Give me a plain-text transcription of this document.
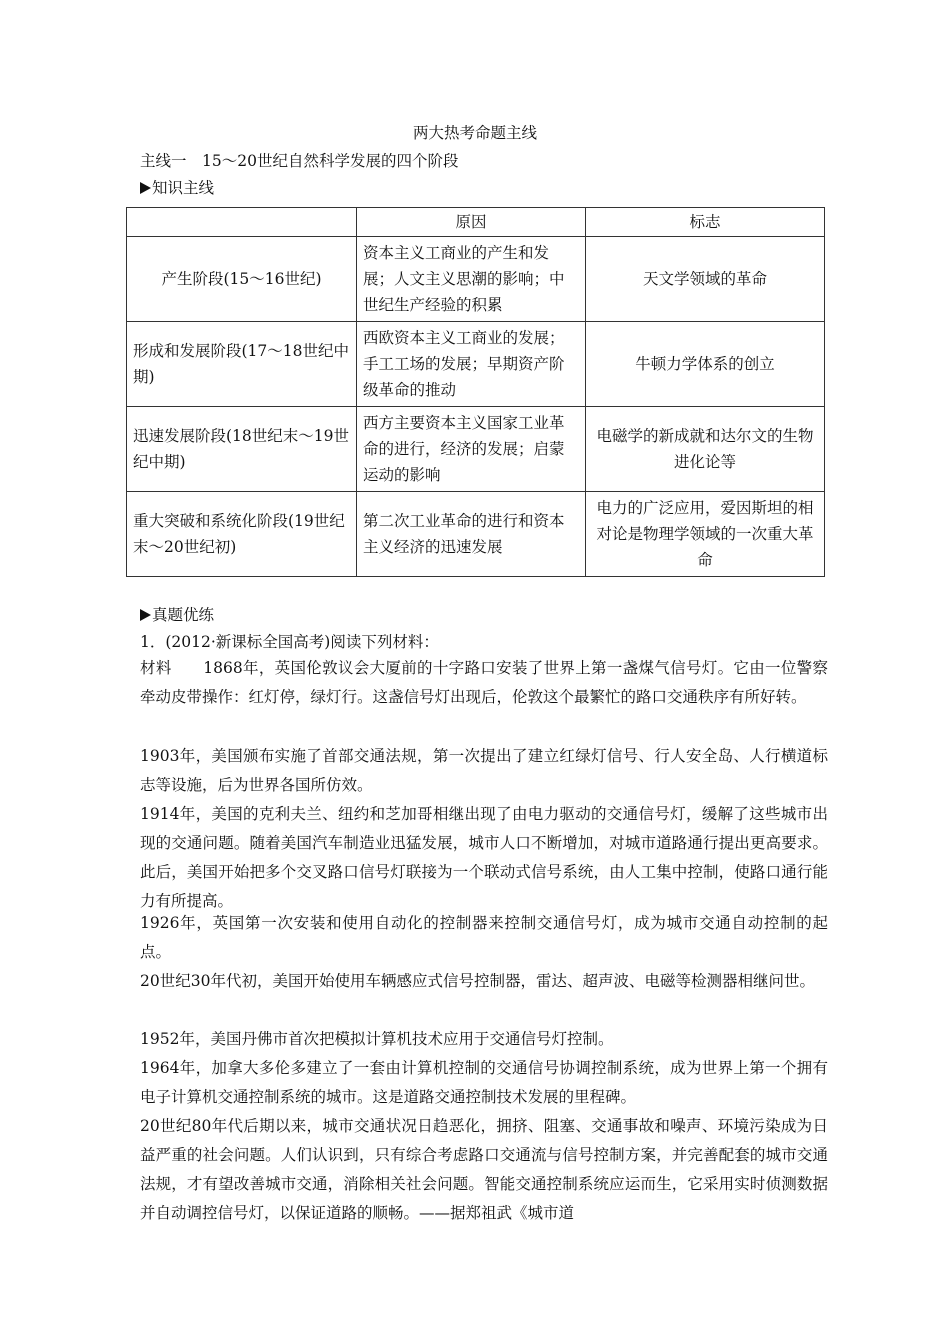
两大热考命题主线
主线一　15～20世纪自然科学发展的四个阶段
知识主线
	原因	标志
产生阶段(15～16世纪)	资本主义工商业的产生和发展；人文主义思潮的影响；中世纪生产经验的积累	天文学领域的革命
形成和发展阶段(17～18世纪中期)	西欧资本主义工商业的发展；手工工场的发展；早期资产阶级革命的推动	牛顿力学体系的创立
迅速发展阶段(18世纪末～19世纪中期)	西方主要资本主义国家工业革命的进行，经济的发展；启蒙运动的影响	电磁学的新成就和达尔文的生物进化论等
重大突破和系统化阶段(19世纪末～20世纪初)	第二次工业革命的进行和资本主义经济的迅速发展	电力的广泛应用，爱因斯坦的相对论是物理学领域的一次重大革命
真题优练
1．(2012·新课标全国高考)阅读下列材料：
材料　　1868年，英国伦敦议会大厦前的十字路口安装了世界上第一盏煤气信号灯。它由一位警察牵动皮带操作：红灯停，绿灯行。这盏信号灯出现后，伦敦这个最繁忙的路口交通秩序有所好转。
1903年，美国颁布实施了首部交通法规，第一次提出了建立红绿灯信号、行人安全岛、人行横道标志等设施，后为世界各国所仿效。
1914年，美国的克利夫兰、纽约和芝加哥相继出现了由电力驱动的交通信号灯，缓解了这些城市出现的交通问题。随着美国汽车制造业迅猛发展，城市人口不断增加，对城市道路通行提出更高要求。此后，美国开始把多个交叉路口信号灯联接为一个联动式信号系统，由人工集中控制，使路口通行能力有所提高。
1926年，英国第一次安装和使用自动化的控制器来控制交通信号灯，成为城市交通自动控制的起点。
20世纪30年代初，美国开始使用车辆感应式信号控制器，雷达、超声波、电磁等检测器相继问世。
1952年，美国丹佛市首次把模拟计算机技术应用于交通信号灯控制。
1964年，加拿大多伦多建立了一套由计算机控制的交通信号协调控制系统，成为世界上第一个拥有电子计算机交通控制系统的城市。这是道路交通控制技术发展的里程碑。
20世纪80年代后期以来，城市交通状况日趋恶化，拥挤、阻塞、交通事故和噪声、环境污染成为日益严重的社会问题。人们认识到，只有综合考虑路口交通流与信号控制方案，并完善配套的城市交通法规，才有望改善城市交通，消除相关社会问题。智能交通控制系统应运而生，它采用实时侦测数据并自动调控信号灯，以保证道路的顺畅。——据郑祖武《城市道
